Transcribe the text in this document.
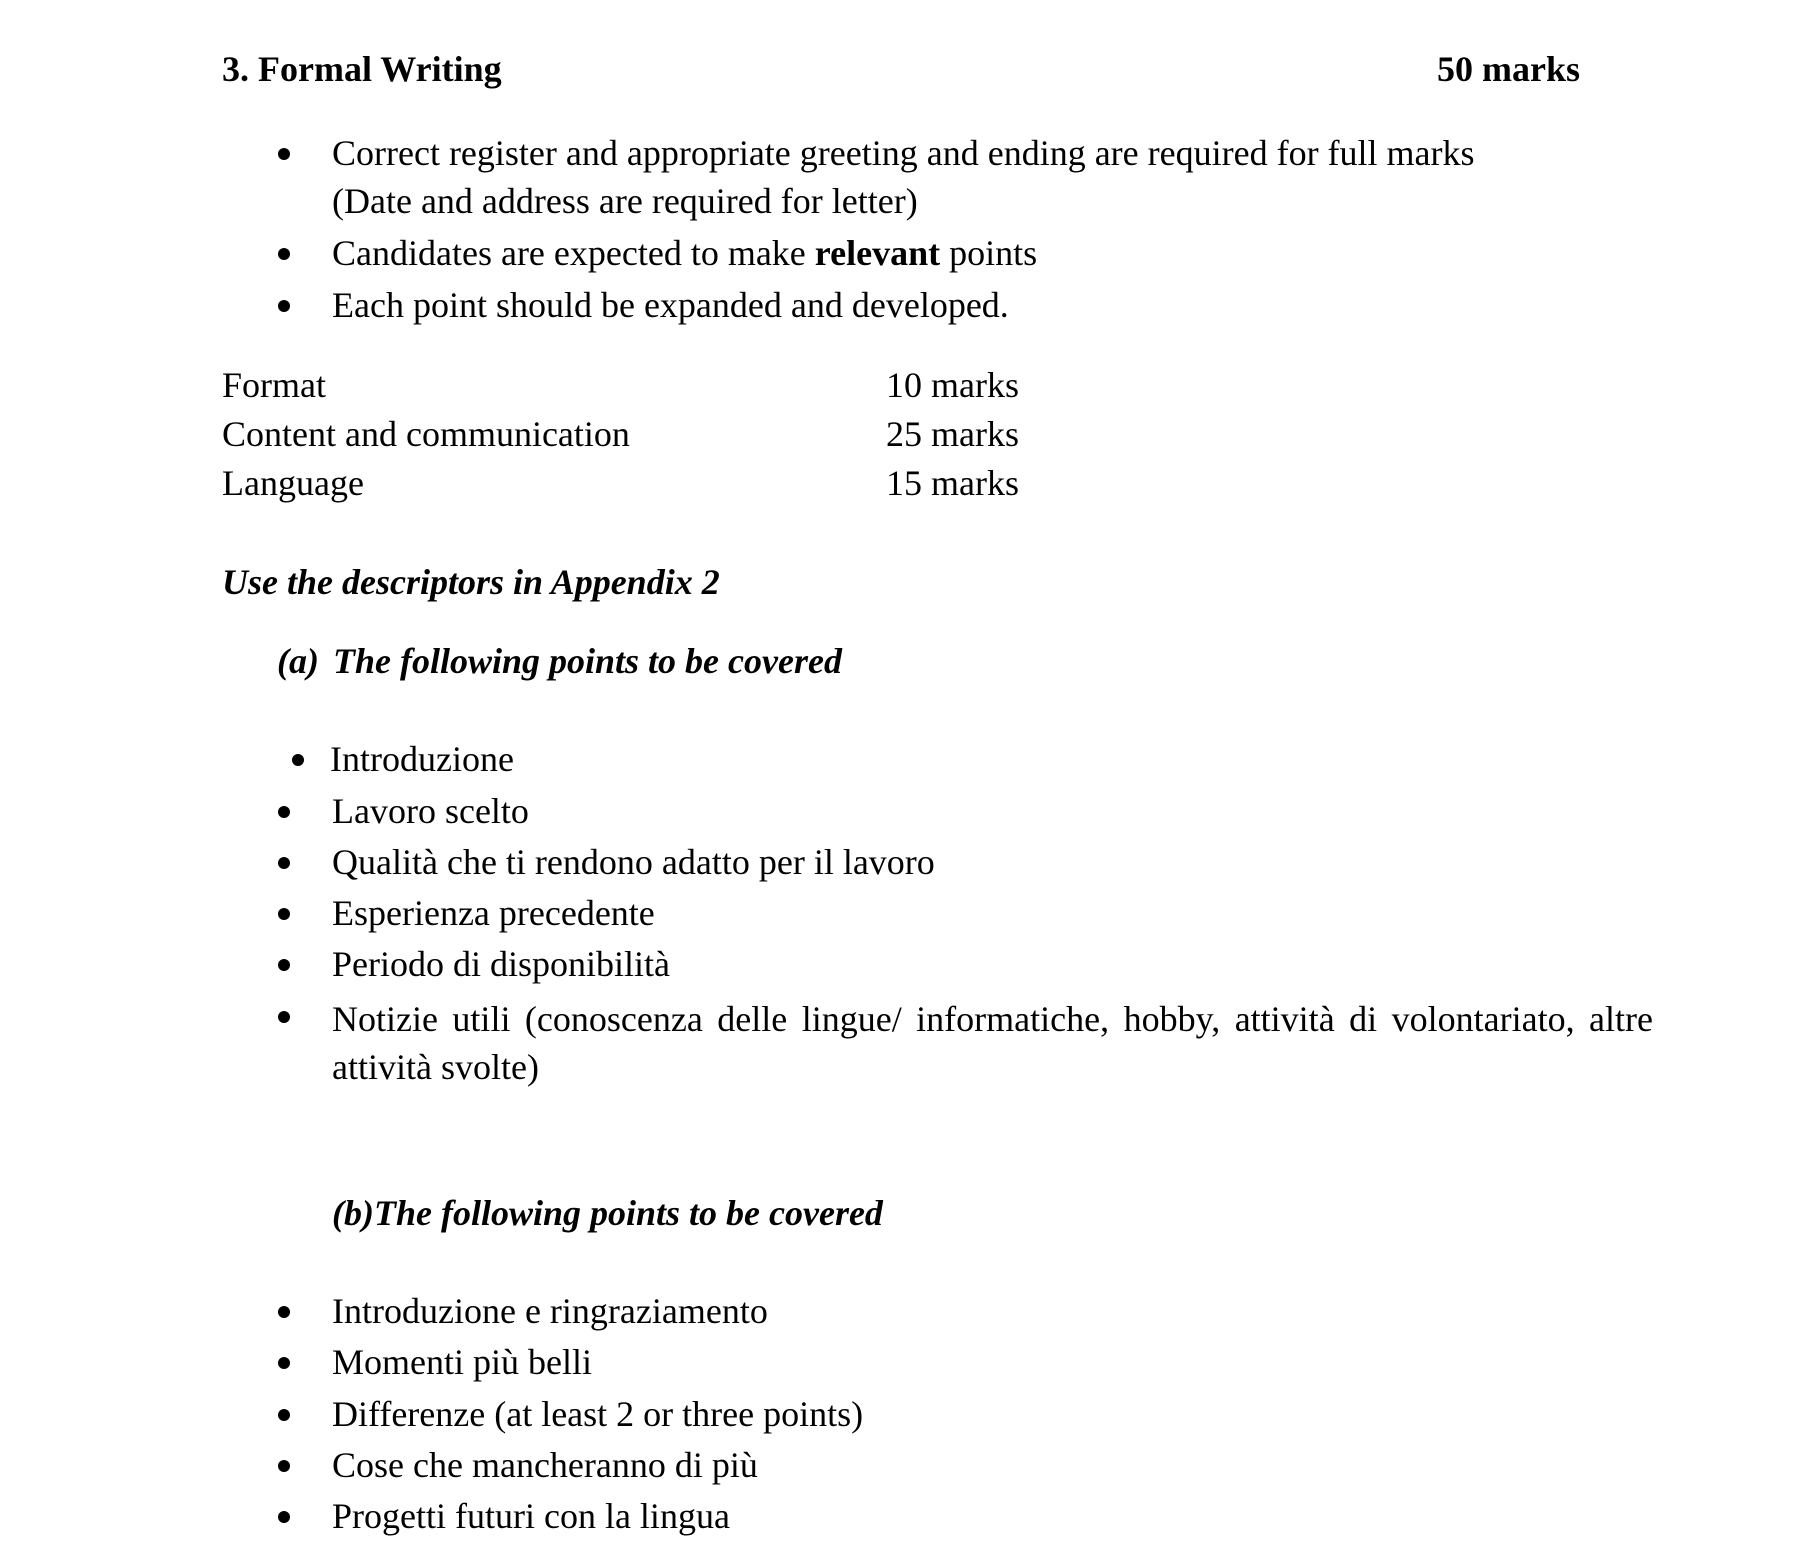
3. Formal Writing	50 marks
Correct register and appropriate greeting and ending are required for full marks
(Date and address are required for letter)
Candidates are expected to make relevant points
Each point should be expanded and developed.
Format	10 marks
Content and communication	25 marks
Language	15 marks
Use the descriptors in Appendix 2
(a) The following points to be covered
Introduzione
Lavoro scelto
Qualità che ti rendono adatto per il lavoro
Esperienza precedente
Periodo di disponibilità
Notizie utili (conoscenza delle lingue/ informatiche, hobby, attività di volontariato, altre attività svolte)
(b)The following points to be covered
Introduzione e ringraziamento
Momenti più belli
Differenze (at least 2 or three points)
Cose che mancheranno di più
Progetti futuri con la lingua
